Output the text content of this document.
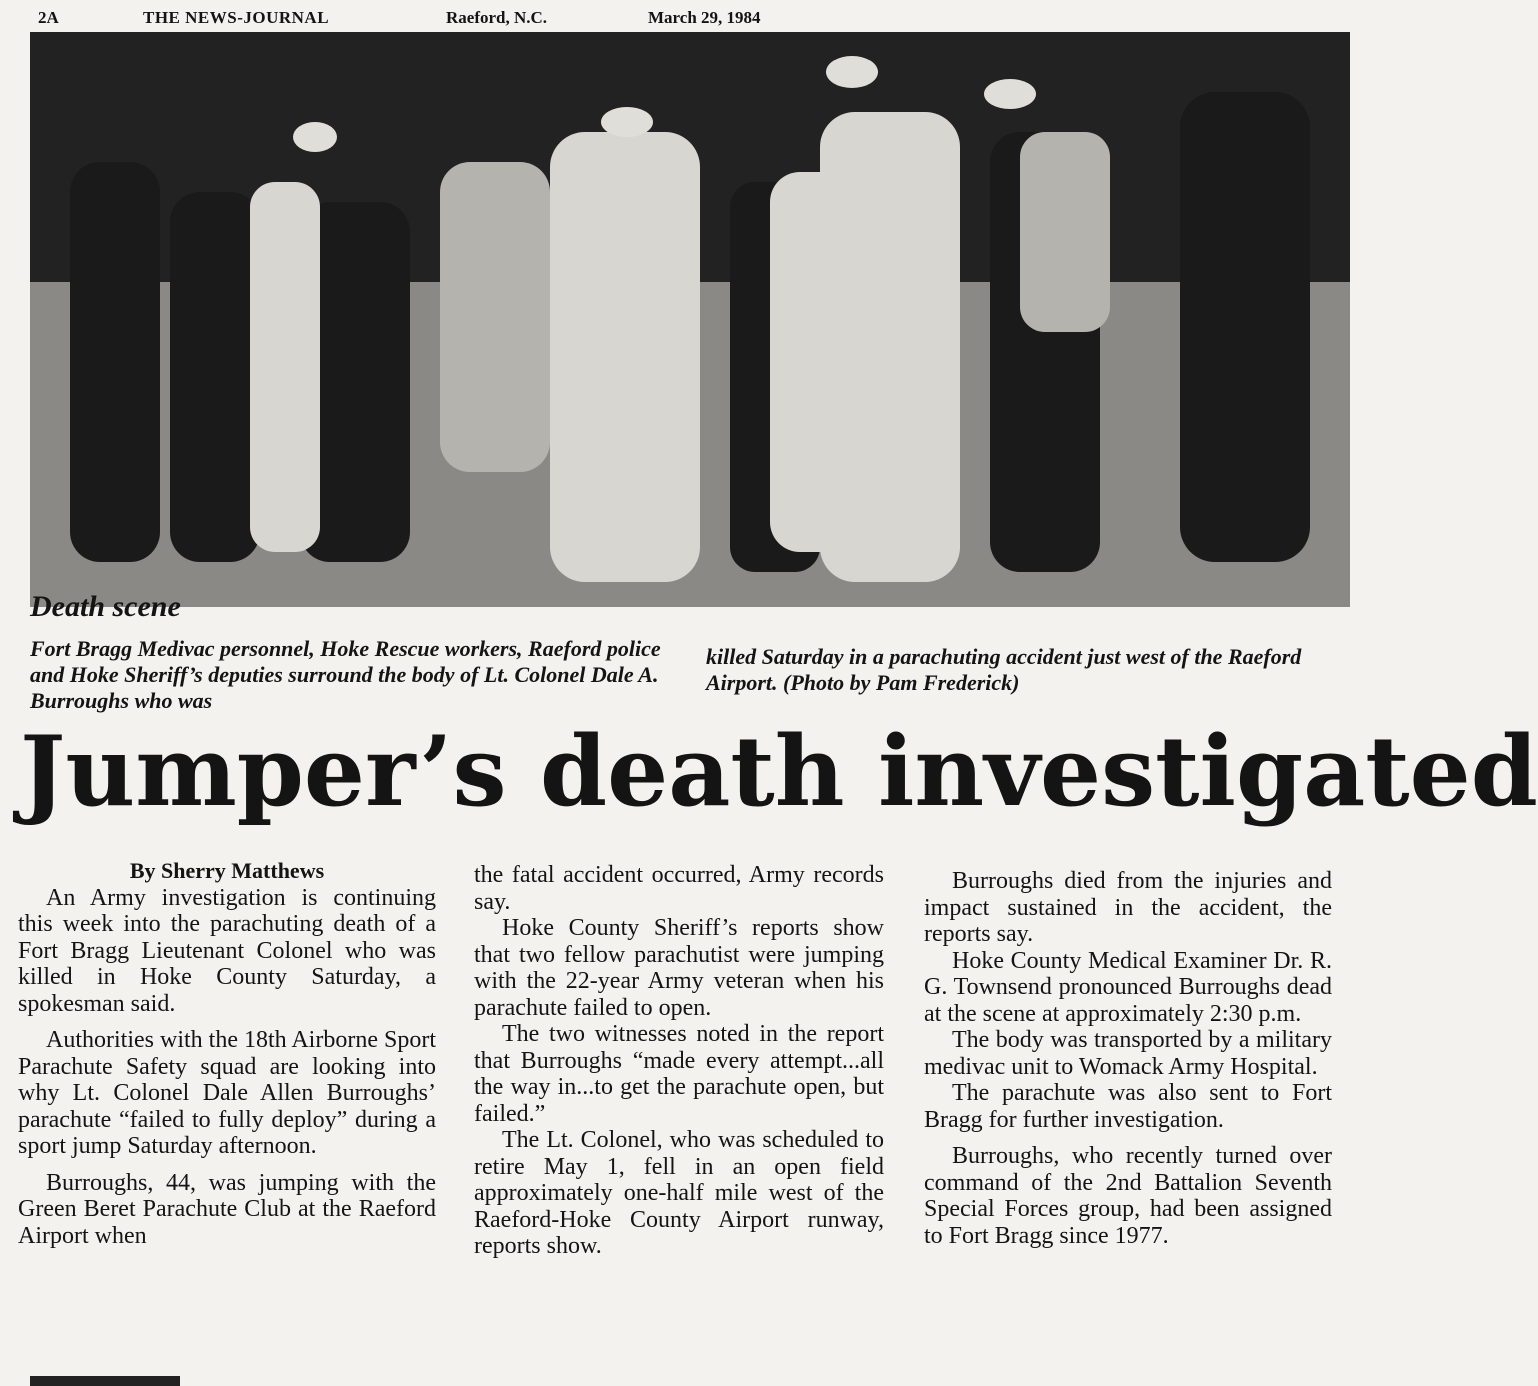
2A	THE NEWS-JOURNAL	Raeford, N.C.	March 29, 1984
Death scene
Fort Bragg Medivac personnel, Hoke Rescue workers, Raeford police and Hoke Sheriff’s deputies surround the body of Lt. Colonel Dale A. Burroughs who was
killed Saturday in a parachuting accident just west of the Raeford Airport. (Photo by Pam Frederick)
Jumper’s death investigated

By Sherry Matthews

An Army investigation is continuing this week into the parachuting death of a Fort Bragg Lieutenant Colonel who was killed in Hoke County Saturday, a spokesman said.

Authorities with the 18th Airborne Sport Parachute Safety squad are looking into why Lt. Colonel Dale Allen Burroughs’ parachute “failed to fully deploy” during a sport jump Saturday afternoon.

Burroughs, 44, was jumping with the Green Beret Parachute Club at the Raeford Airport when

the fatal accident occurred, Army records say.

Hoke County Sheriff’s reports show that two fellow parachutist were jumping with the 22-year Army veteran when his parachute failed to open.

The two witnesses noted in the report that Burroughs “made every attempt...all the way in...to get the parachute open, but failed.”

The Lt. Colonel, who was scheduled to retire May 1, fell in an open field approximately one-half mile west of the Raeford-Hoke County Airport runway, reports show.

Burroughs died from the injuries and impact sustained in the accident, the reports say.

Hoke County Medical Examiner Dr. R. G. Townsend pronounced Burroughs dead at the scene at approximately 2:30 p.m.

The body was transported by a military medivac unit to Womack Army Hospital.

The parachute was also sent to Fort Bragg for further investigation.

Burroughs, who recently turned over command of the 2nd Battalion Seventh Special Forces group, had been assigned to Fort Bragg since 1977.
